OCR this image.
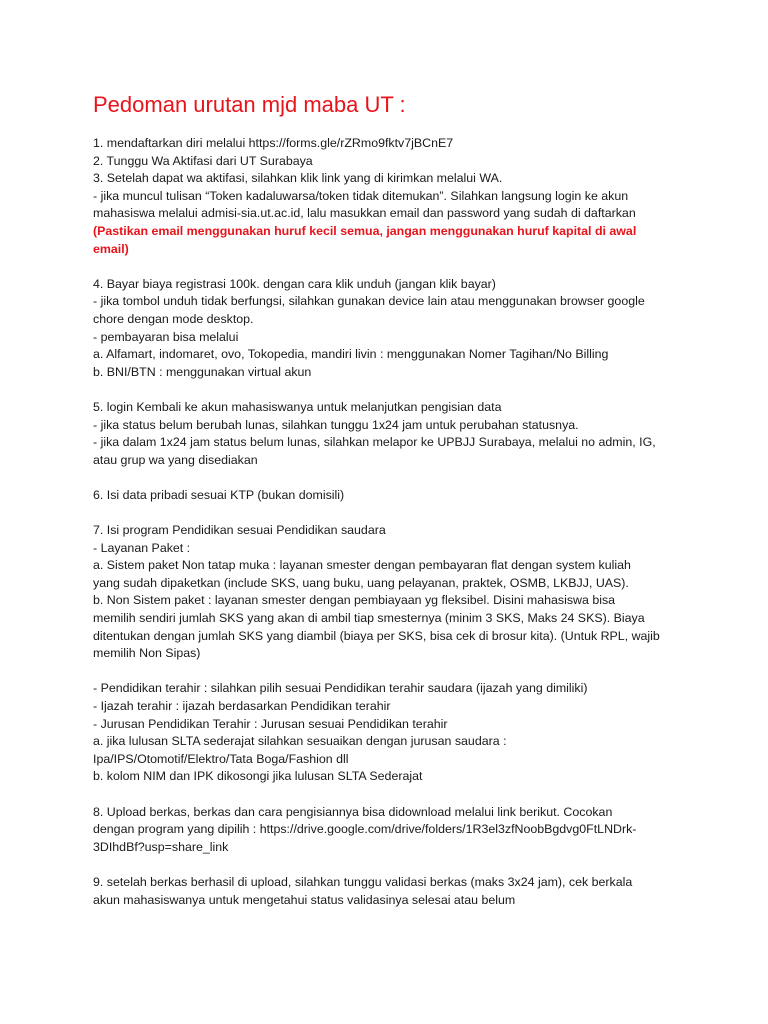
Pedoman urutan mjd maba UT :
1. mendaftarkan diri melalui https://forms.gle/rZRmo9fktv7jBCnE7
2. Tunggu Wa Aktifasi dari UT Surabaya
3. Setelah dapat wa aktifasi, silahkan klik link yang di kirimkan melalui WA.
- jika muncul tulisan “Token kadaluwarsa/token tidak ditemukan”. Silahkan langsung login ke akun
mahasiswa melalui admisi-sia.ut.ac.id, lalu masukkan email dan password yang sudah di daftarkan
(Pastikan email menggunakan huruf kecil semua, jangan menggunakan huruf kapital di awal
email)
4. Bayar biaya registrasi 100k. dengan cara klik unduh (jangan klik bayar)
- jika tombol unduh tidak berfungsi, silahkan gunakan device lain atau menggunakan browser google
chore dengan mode desktop.
- pembayaran bisa melalui
a. Alfamart, indomaret, ovo, Tokopedia, mandiri livin : menggunakan Nomer Tagihan/No Billing
b. BNI/BTN : menggunakan virtual akun
5. login Kembali ke akun mahasiswanya untuk melanjutkan pengisian data
- jika status belum berubah lunas, silahkan tunggu 1x24 jam untuk perubahan statusnya.
- jika dalam 1x24 jam status belum lunas, silahkan melapor ke UPBJJ Surabaya, melalui no admin, IG,
atau grup wa yang disediakan
6. Isi data pribadi sesuai KTP (bukan domisili)
7. Isi program Pendidikan sesuai Pendidikan saudara
- Layanan Paket :
a. Sistem paket Non tatap muka : layanan smester dengan pembayaran flat dengan system kuliah
yang sudah dipaketkan (include SKS, uang buku, uang pelayanan, praktek, OSMB, LKBJJ, UAS).
b. Non Sistem paket : layanan smester dengan pembiayaan yg fleksibel. Disini mahasiswa bisa
memilih sendiri jumlah SKS yang akan di ambil tiap smesternya (minim 3 SKS, Maks 24 SKS). Biaya
ditentukan dengan jumlah SKS yang diambil (biaya per SKS, bisa cek di brosur kita). (Untuk RPL, wajib
memilih Non Sipas)
- Pendidikan terahir : silahkan pilih sesuai Pendidikan terahir saudara (ijazah yang dimiliki)
- Ijazah terahir : ijazah berdasarkan Pendidikan terahir
- Jurusan Pendidikan Terahir : Jurusan sesuai Pendidikan terahir
a. jika lulusan SLTA sederajat silahkan sesuaikan dengan jurusan saudara :
Ipa/IPS/Otomotif/Elektro/Tata Boga/Fashion dll
b. kolom NIM dan IPK dikosongi jika lulusan SLTA Sederajat
8. Upload berkas, berkas dan cara pengisiannya bisa didownload melalui link berikut. Cocokan
dengan program yang dipilih : https://drive.google.com/drive/folders/1R3el3zfNoobBgdvg0FtLNDrk-
3DIhdBf?usp=share_link
9. setelah berkas berhasil di upload, silahkan tunggu validasi berkas (maks 3x24 jam), cek berkala
akun mahasiswanya untuk mengetahui status validasinya selesai atau belum
